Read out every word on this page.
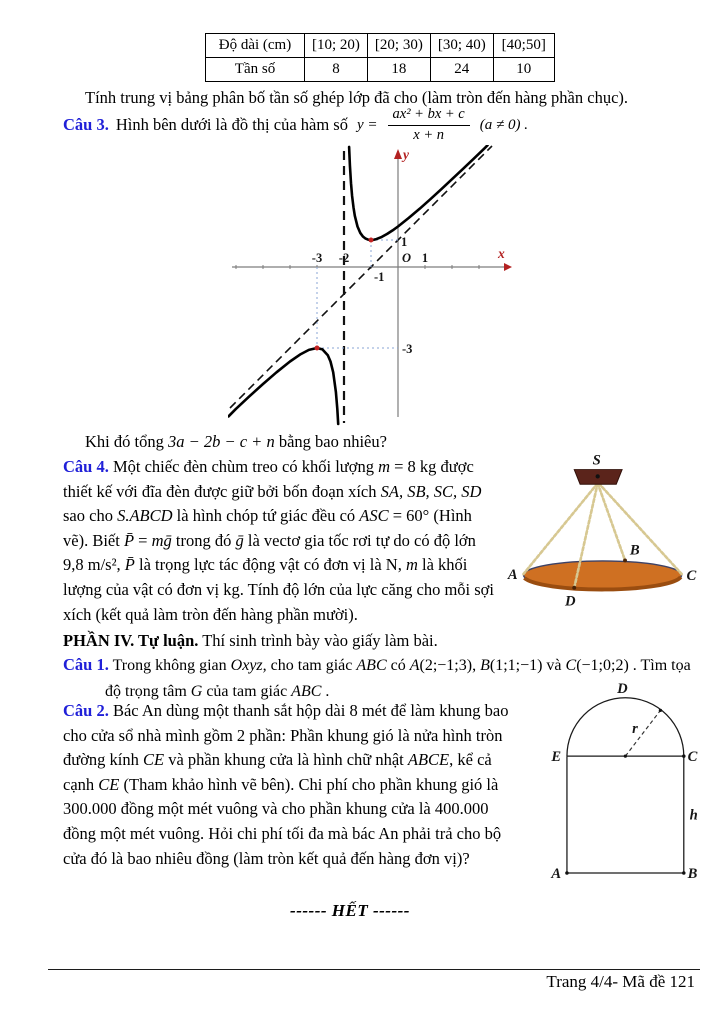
Độ dài (cm)	[10; 20)	[20; 30)	[30; 40)	[40;50]
Tần số	8	18	24	10
Tính trung vị bảng phân bố tần số ghép lớp đã cho (làm tròn đến hàng phần chục).
Câu 3. Hình bên dưới là đồ thị của hàm số $y = \frac{\text{ax² + bx + c}}{x + n} (a \ne 0)$ .
-3 -2	1
O	x
y
1
-1
-3
Khi đó tổng 3a − 2b − c + n bằng bao nhiêu?
Câu 4. Một chiếc đèn chùm treo có khối lượng m = 8 kg được thiết kế với đĩa đèn được giữ bởi bốn đoạn xích SA, SB, SC, SD sao cho S.ABCD là hình chóp tứ giác đều có ASC = 60° (Hình vẽ). Biết P̄ = mḡ trong đó ḡ là vectơ gia tốc rơi tự do có độ lớn 9,8 m/s², P̄ là trọng lực tác động vật có đơn vị là N, m là khối lượng của vật có đơn vị kg. Tính độ lớn của lực căng cho mỗi sợi xích (kết quả làm tròn đến hàng phần mười).
S
A
B
C
D
PHẦN IV. Tự luận. Thí sinh trình bày vào giấy làm bài.
Câu 1. Trong không gian Oxyz, cho tam giác ABC có A(2;−1;3), B(1;1;−1) và C(−1;0;2) . Tìm tọa
độ trọng tâm G của tam giác ABC .
Câu 2. Bác An dùng một thanh sắt hộp dài 8 mét để làm khung bao cho cửa sổ nhà mình gồm 2 phần: Phần khung gió là nửa hình tròn đường kính CE và phần khung cửa là hình chữ nhật ABCE, kể cả cạnh CE (Tham khảo hình vẽ bên). Chi phí cho phần khung gió là 300.000 đồng một mét vuông và cho phần khung cửa là 400.000 đồng một mét vuông. Hỏi chi phí tối đa mà bác An phải trả cho bộ cửa đó là bao nhiêu đồng (làm tròn kết quả đến hàng đơn vị)?
D
r
E	C
h
A	B
------ HẾT ------
Trang 4/4- Mã đề 121
